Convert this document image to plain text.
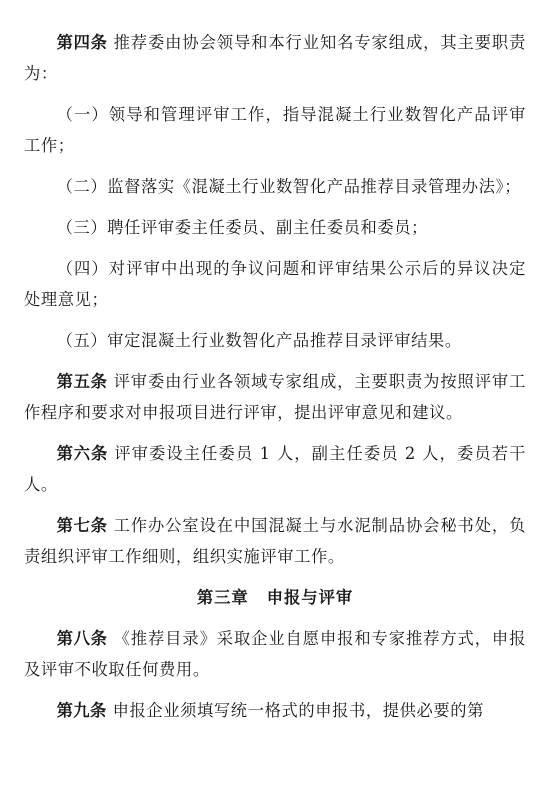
第四条 推荐委由协会领导和本行业知名专家组成，其主要职责为：

（一）领导和管理评审工作，指导混凝土行业数智化产品评审工作；

（二）监督落实《混凝土行业数智化产品推荐目录管理办法》；

（三）聘任评审委主任委员、副主任委员和委员；

（四）对评审中出现的争议问题和评审结果公示后的异议决定处理意见；

（五）审定混凝土行业数智化产品推荐目录评审结果。

第五条 评审委由行业各领域专家组成，主要职责为按照评审工作程序和要求对申报项目进行评审，提出评审意见和建议。

第六条 评审委设主任委员 1 人，副主任委员 2 人，委员若干人。

第七条 工作办公室设在中国混凝土与水泥制品协会秘书处，负责组织评审工作细则，组织实施评审工作。

第三章 申报与评审

第八条 《推荐目录》采取企业自愿申报和专家推荐方式，申报及评审不收取任何费用。

第九条 申报企业须填写统一格式的申报书，提供必要的第
